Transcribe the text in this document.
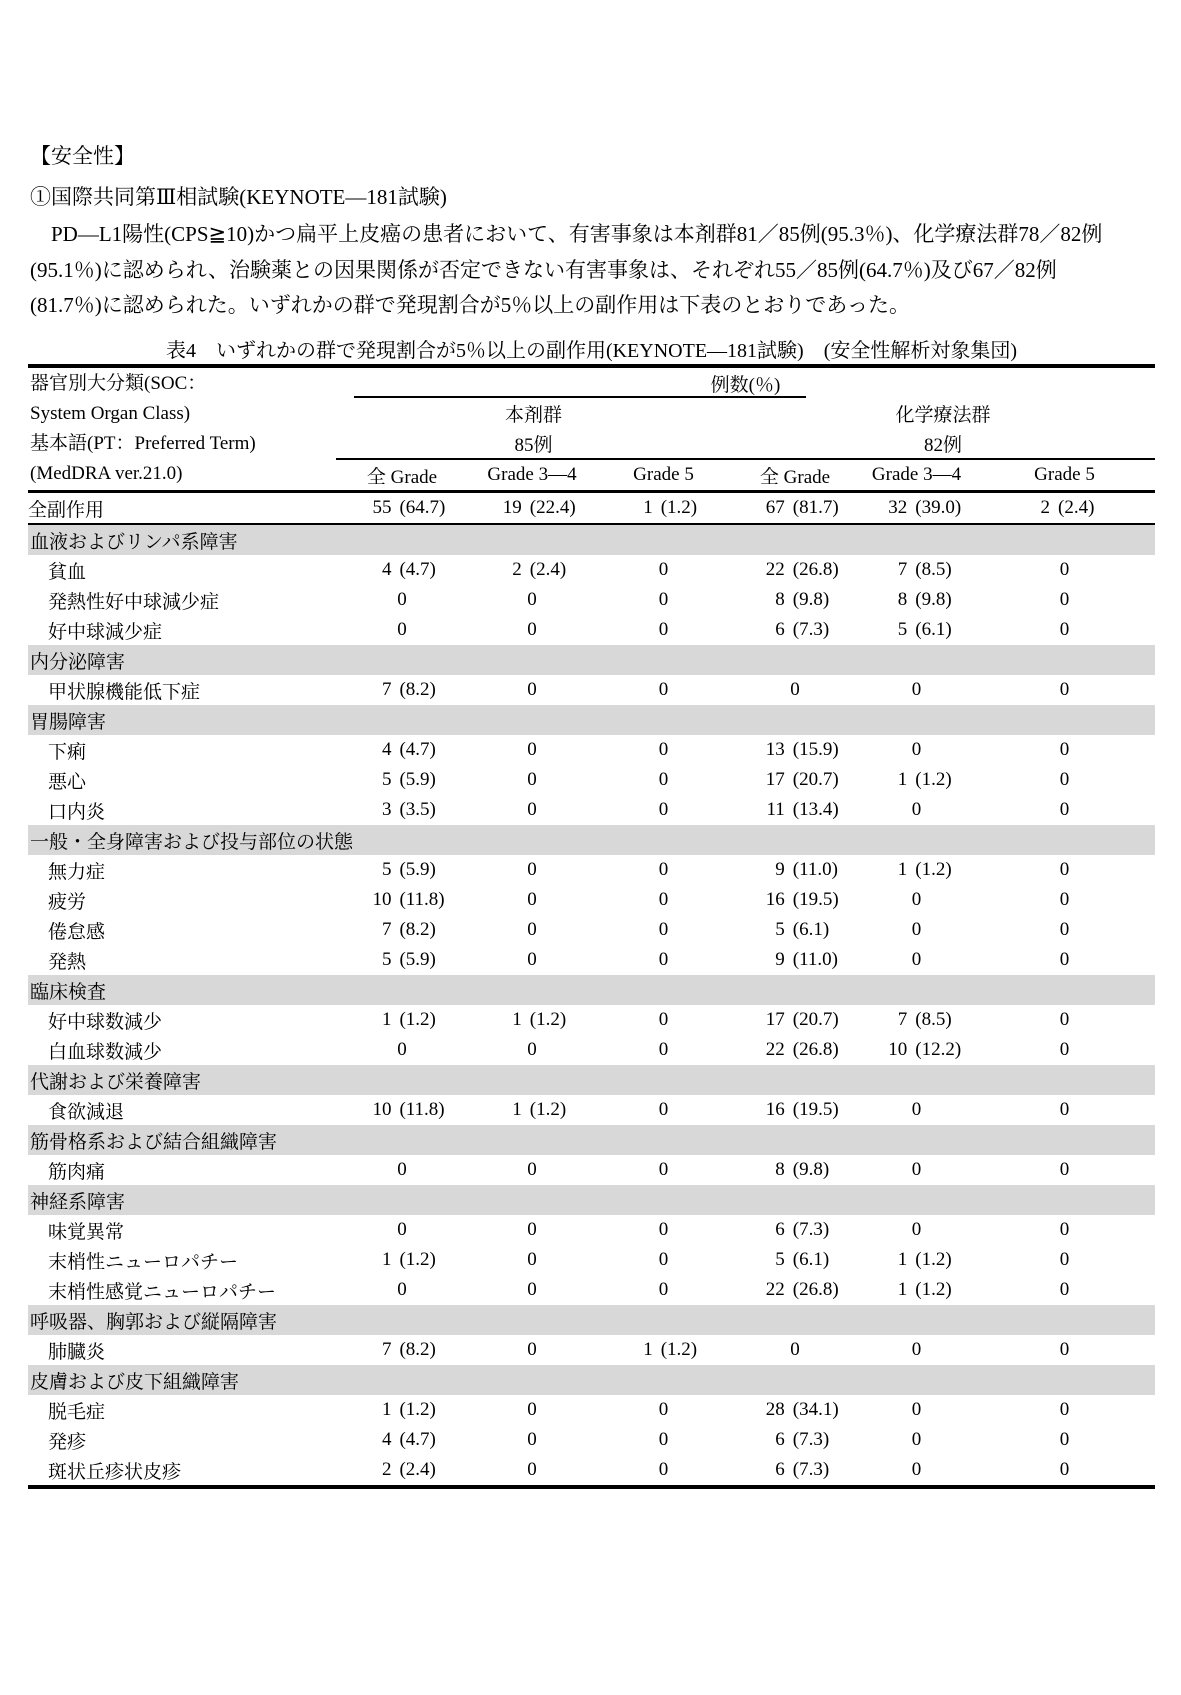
【安全性】
①国際共同第Ⅲ相試験(KEYNOTE—181試験)
　PD—L1陽性(CPS≧10)かつ扁平上皮癌の患者において、有害事象は本剤群81／85例(95.3％)、化学療法群78／82例
(95.1％)に認められ、治験薬との因果関係が否定できない有害事象は、それぞれ55／85例(64.7％)及び67／82例
(81.7％)に認められた。いずれかの群で発現割合が5％以上の副作用は下表のとおりであった。
表4　いずれかの群で発現割合が5％以上の副作用(KEYNOTE—181試験)　(安全性解析対象集団)
器官別大分類(SOC：
System Organ Class)
基本語(PT：Preferred Term)
(MedDRA ver.21.0)	例数(％)					
	本剤群			化学療法群		
	85例			82例		
	全 Grade	Grade 3—4	Grade 5	全 Grade	Grade 3—4	Grade 5
全副作用	55 (64.7)	19 (22.4)	1 (1.2)	67 (81.7)	32 (39.0)	2 (2.4)

血液およびリンパ系障害						
貧血	4 (4.7)	2 (2.4)	0	22 (26.8)	7 (8.5)	0

発熱性好中球減少症	0	0	0	8 (9.8)	8 (9.8)	0

好中球減少症	0	0	0	6 (7.3)	5 (6.1)	0

内分泌障害						
甲状腺機能低下症	7 (8.2)	0	0	0	0	0

胃腸障害						
下痢	4 (4.7)	0	0	13 (15.9)	0	0

悪心	5 (5.9)	0	0	17 (20.7)	1 (1.2)	0

口内炎	3 (3.5)	0	0	11 (13.4)	0	0

一般・全身障害および投与部位の状態						
無力症	5 (5.9)	0	0	9 (11.0)	1 (1.2)	0

疲労	10 (11.8)	0	0	16 (19.5)	0	0

倦怠感	7 (8.2)	0	0	5 (6.1)	0	0

発熱	5 (5.9)	0	0	9 (11.0)	0	0

臨床検査						
好中球数減少	1 (1.2)	1 (1.2)	0	17 (20.7)	7 (8.5)	0

白血球数減少	0	0	0	22 (26.8)	10 (12.2)	0

代謝および栄養障害						
食欲減退	10 (11.8)	1 (1.2)	0	16 (19.5)	0	0

筋骨格系および結合組織障害						
筋肉痛	0	0	0	8 (9.8)	0	0

神経系障害						
味覚異常	0	0	0	6 (7.3)	0	0

末梢性ニューロパチー	1 (1.2)	0	0	5 (6.1)	1 (1.2)	0

末梢性感覚ニューロパチー	0	0	0	22 (26.8)	1 (1.2)	0

呼吸器、胸郭および縦隔障害						
肺臓炎	7 (8.2)	0	1 (1.2)	0	0	0

皮膚および皮下組織障害						
脱毛症	1 (1.2)	0	0	28 (34.1)	0	0

発疹	4 (4.7)	0	0	6 (7.3)	0	0

斑状丘疹状皮疹	2 (2.4)	0	0	6 (7.3)	0	0
